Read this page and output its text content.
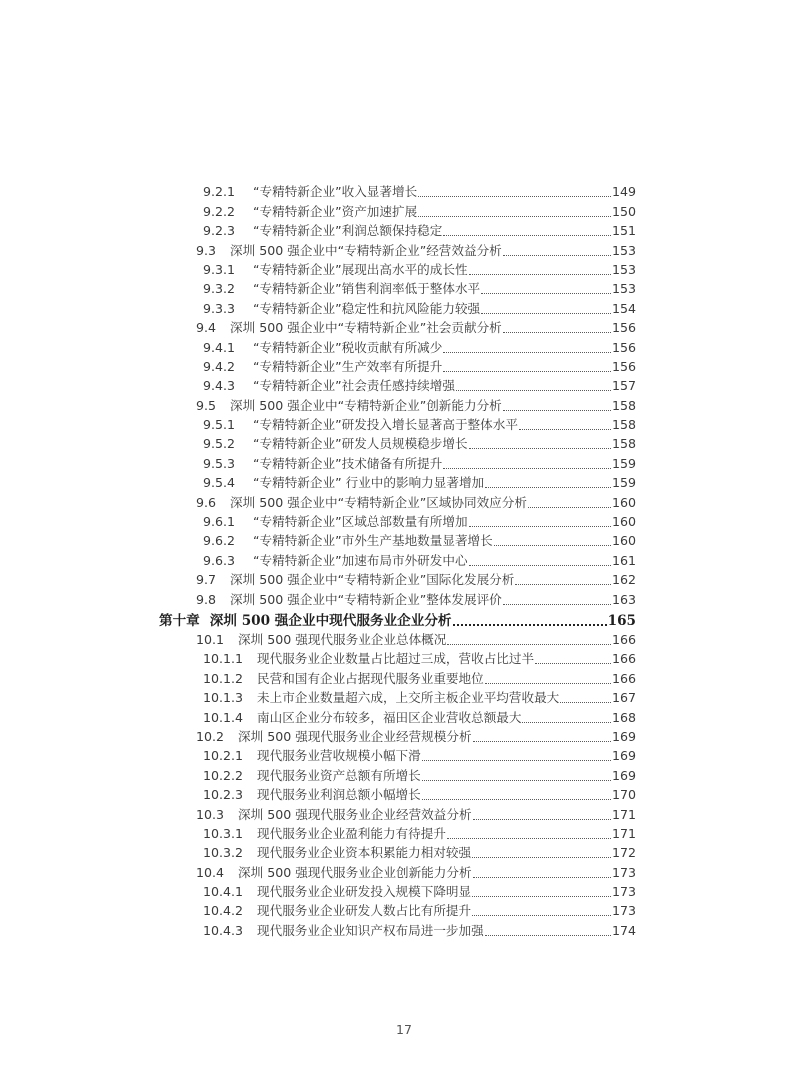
9.2.1	“专精特新企业”收入显著增长	149
9.2.2	“专精特新企业”资产加速扩展	150
9.2.3	“专精特新企业”利润总额保持稳定	151
9.3	深圳 500 强企业中“专精特新企业”经营效益分析	153
9.3.1	“专精特新企业”展现出高水平的成长性	153
9.3.2	“专精特新企业”销售利润率低于整体水平	153
9.3.3	“专精特新企业”稳定性和抗风险能力较强	154
9.4	深圳 500 强企业中“专精特新企业”社会贡献分析	156
9.4.1	“专精特新企业”税收贡献有所减少	156
9.4.2	“专精特新企业”生产效率有所提升	156
9.4.3	“专精特新企业”社会责任感持续增强	157
9.5	深圳 500 强企业中“专精特新企业”创新能力分析	158
9.5.1	“专精特新企业”研发投入增长显著高于整体水平	158
9.5.2	“专精特新企业”研发人员规模稳步增长	158
9.5.3	“专精特新企业”技术储备有所提升	159
9.5.4	“专精特新企业” 行业中的影响力显著增加	159
9.6	深圳 500 强企业中“专精特新企业”区域协同效应分析	160
9.6.1	“专精特新企业”区域总部数量有所增加	160
9.6.2	“专精特新企业”市外生产基地数量显著增长	160
9.6.3	“专精特新企业”加速布局市外研发中心	161
9.7	深圳 500 强企业中“专精特新企业”国际化发展分析	162
9.8	深圳 500 强企业中“专精特新企业”整体发展评价	163
第十章 深圳 500 强企业中现代服务业企业分析	165
10.1	深圳 500 强现代服务业企业总体概况	166
10.1.1	现代服务业企业数量占比超过三成，营收占比过半	166
10.1.2	民营和国有企业占据现代服务业重要地位	166
10.1.3	未上市企业数量超六成，上交所主板企业平均营收最大	167
10.1.4	南山区企业分布较多，福田区企业营收总额最大	168
10.2	深圳 500 强现代服务业企业经营规模分析	169
10.2.1	现代服务业营收规模小幅下滑	169
10.2.2	现代服务业资产总额有所增长	169
10.2.3	现代服务业利润总额小幅增长	170
10.3	深圳 500 强现代服务业企业经营效益分析	171
10.3.1	现代服务业企业盈利能力有待提升	171
10.3.2	现代服务业企业资本积累能力相对较强	172
10.4	深圳 500 强现代服务业企业创新能力分析	173
10.4.1	现代服务业企业研发投入规模下降明显	173
10.4.2	现代服务业企业研发人数占比有所提升	173
10.4.3	现代服务业企业知识产权布局进一步加强	174
17
